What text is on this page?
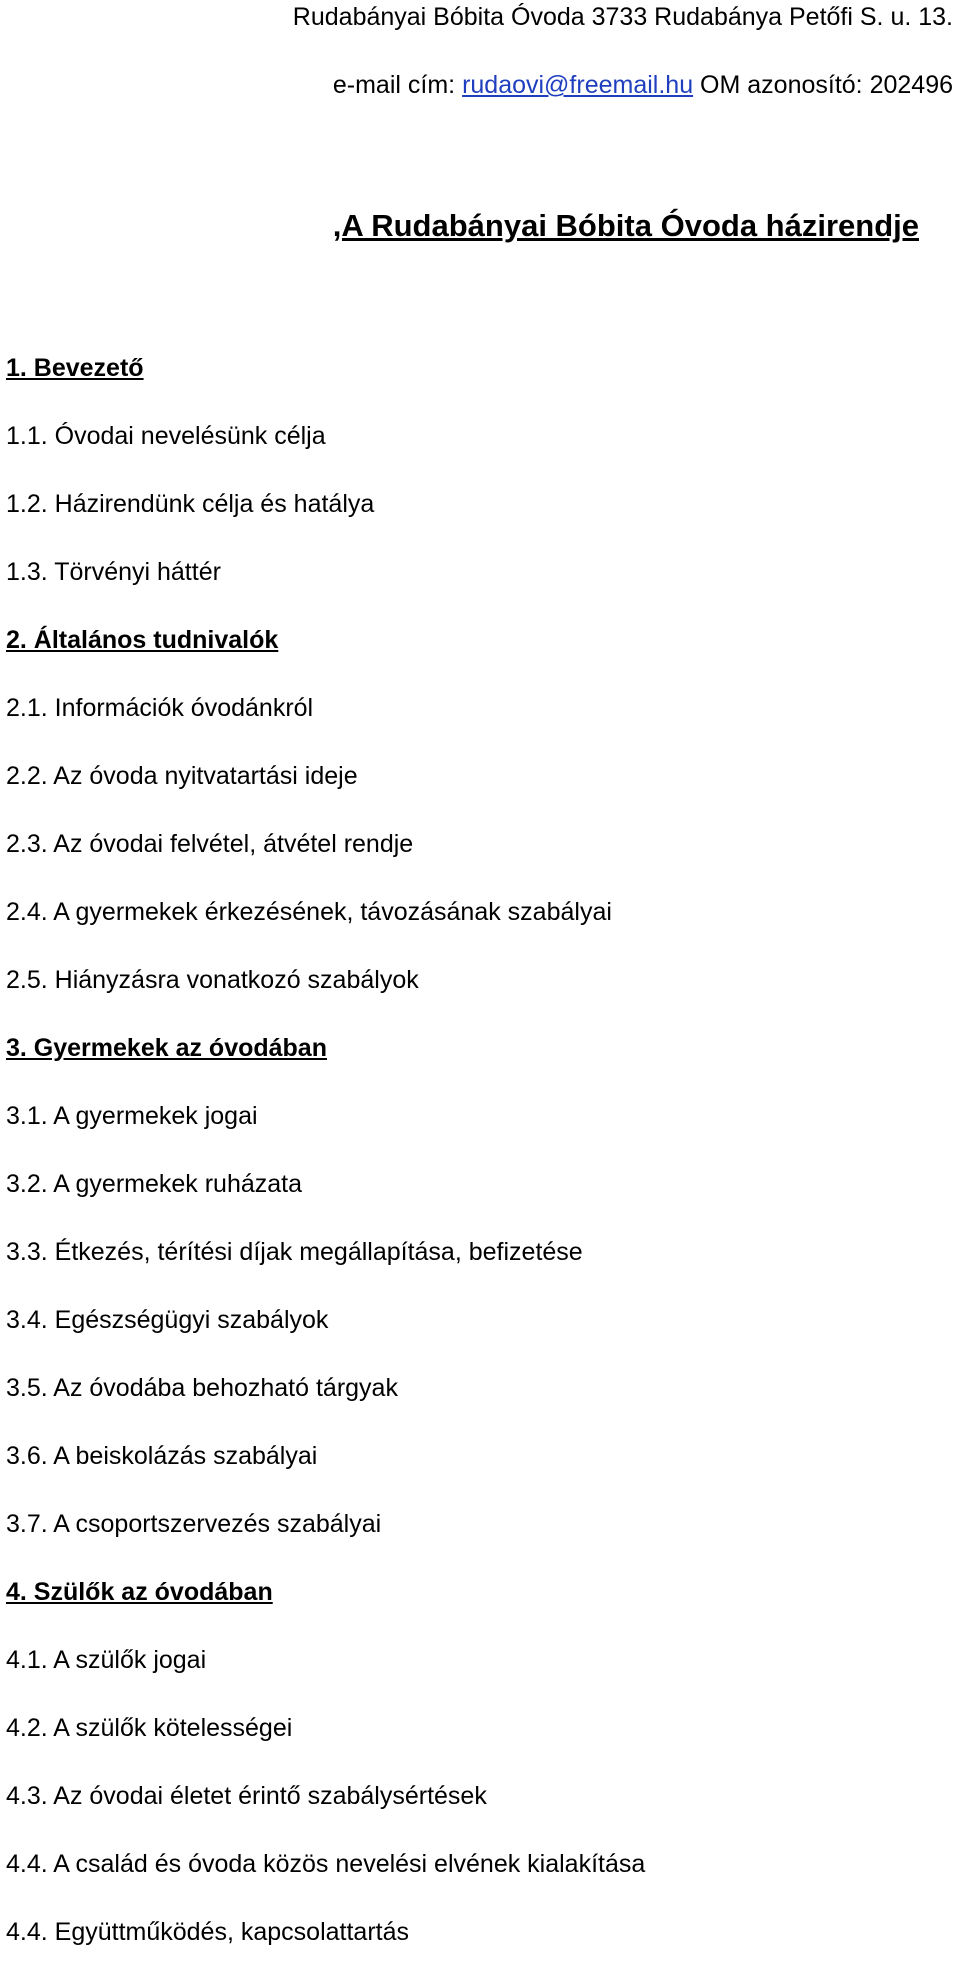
Rudabányai Bóbita Óvoda 3733 Rudabánya Petőfi S. u. 13.
e-mail cím: rudaovi@freemail.hu OM azonosító: 202496
,A Rudabányai Bóbita Óvoda házirendje
1. Bevezető
1.1. Óvodai nevelésünk célja
1.2. Házirendünk célja és hatálya
1.3. Törvényi háttér
2. Általános tudnivalók
2.1. Információk óvodánkról
2.2. Az óvoda nyitvatartási ideje
2.3. Az óvodai felvétel, átvétel rendje
2.4. A gyermekek érkezésének, távozásának szabályai
2.5. Hiányzásra vonatkozó szabályok
3. Gyermekek az óvodában
3.1. A gyermekek jogai
3.2. A gyermekek ruházata
3.3. Étkezés, térítési díjak megállapítása, befizetése
3.4. Egészségügyi szabályok
3.5. Az óvodába behozható tárgyak
3.6. A beiskolázás szabályai
3.7. A csoportszervezés szabályai
4. Szülők az óvodában
4.1. A szülők jogai
4.2. A szülők kötelességei
4.3. Az óvodai életet érintő szabálysértések
4.4. A család és óvoda közös nevelési elvének kialakítása
4.4. Együttműködés, kapcsolattartás
